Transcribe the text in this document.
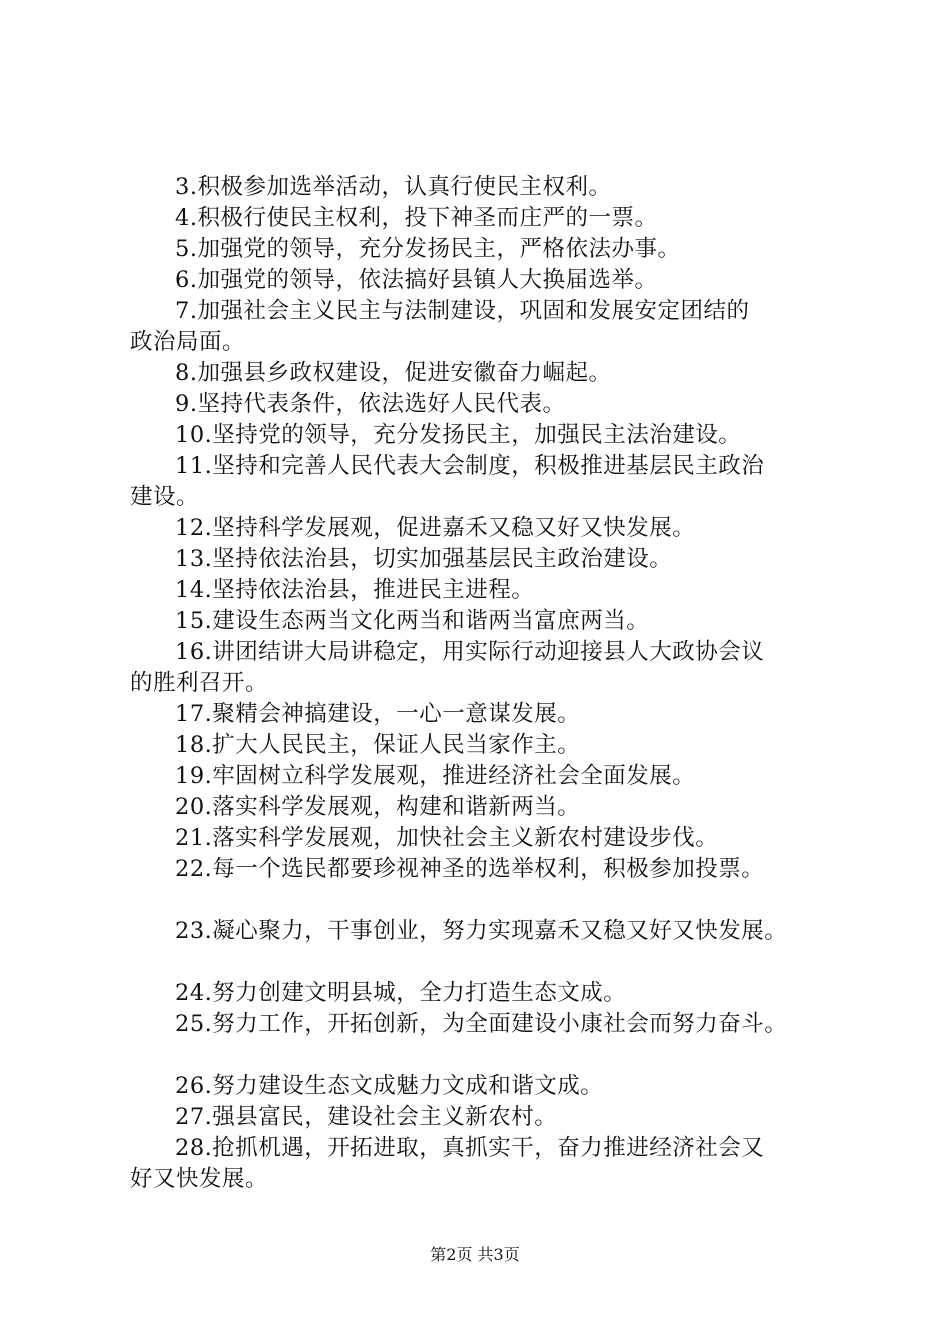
3.积极参加选举活动，认真行使民主权利。
4.积极行使民主权利，投下神圣而庄严的一票。
5.加强党的领导，充分发扬民主，严格依法办事。
6.加强党的领导，依法搞好县镇人大换届选举。
7.加强社会主义民主与法制建设，巩固和发展安定团结的
政治局面。
8.加强县乡政权建设，促进安徽奋力崛起。
9.坚持代表条件，依法选好人民代表。
10.坚持党的领导，充分发扬民主，加强民主法治建设。
11.坚持和完善人民代表大会制度，积极推进基层民主政治
建设。
12.坚持科学发展观，促进嘉禾又稳又好又快发展。
13.坚持依法治县，切实加强基层民主政治建设。
14.坚持依法治县，推进民主进程。
15.建设生态两当文化两当和谐两当富庶两当。
16.讲团结讲大局讲稳定，用实际行动迎接县人大政协会议
的胜利召开。
17.聚精会神搞建设，一心一意谋发展。
18.扩大人民民主，保证人民当家作主。
19.牢固树立科学发展观，推进经济社会全面发展。
20.落实科学发展观，构建和谐新两当。
21.落实科学发展观，加快社会主义新农村建设步伐。
22.每一个选民都要珍视神圣的选举权利，积极参加投票。
23.凝心聚力，干事创业，努力实现嘉禾又稳又好又快发展。
24.努力创建文明县城，全力打造生态文成。
25.努力工作，开拓创新，为全面建设小康社会而努力奋斗。
26.努力建设生态文成魅力文成和谐文成。
27.强县富民，建设社会主义新农村。
28.抢抓机遇，开拓进取，真抓实干，奋力推进经济社会又
好又快发展。
第2页 共3页
